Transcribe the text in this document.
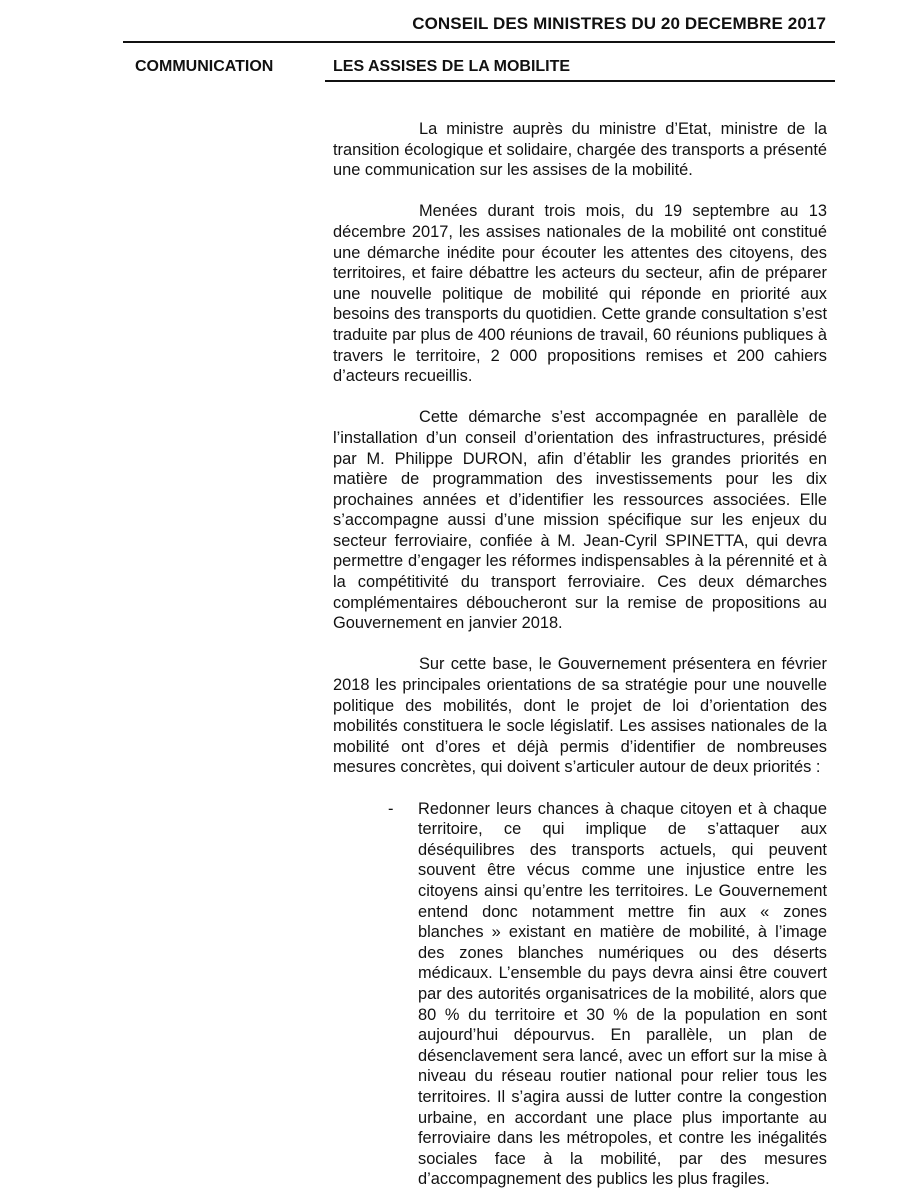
CONSEIL DES MINISTRES DU 20 DECEMBRE 2017
COMMUNICATION	LES ASSISES DE LA MOBILITE

La ministre auprès du ministre d’Etat, ministre de la transition écologique et solidaire, chargée des transports a présenté une communication sur les assises de la mobilité.

Menées durant trois mois, du 19 septembre au 13 décembre 2017, les assises nationales de la mobilité ont constitué une démarche inédite pour écouter les attentes des citoyens, des territoires, et faire débattre les acteurs du secteur, afin de préparer une nouvelle politique de mobilité qui réponde en priorité aux besoins des transports du quotidien. Cette grande consultation s’est traduite par plus de 400 réunions de travail, 60 réunions publiques à travers le territoire, 2 000 propositions remises et 200 cahiers d’acteurs recueillis.

Cette démarche s’est accompagnée en parallèle de l’installation d’un conseil d’orientation des infrastructures, présidé par M. Philippe DURON, afin d’établir les grandes priorités en matière de programmation des investissements pour les dix prochaines années et d’identifier les ressources associées. Elle s’accompagne aussi d’une mission spécifique sur les enjeux du secteur ferroviaire, confiée à M. Jean-Cyril SPINETTA, qui devra permettre d’engager les réformes indispensables à la pérennité et à la compétitivité du transport ferroviaire. Ces deux démarches complémentaires déboucheront sur la remise de propositions au Gouvernement en janvier 2018.

Sur cette base, le Gouvernement présentera en février 2018 les principales orientations de sa stratégie pour une nouvelle politique des mobilités, dont le projet de loi d’orientation des mobilités constituera le socle législatif. Les assises nationales de la mobilité ont d’ores et déjà permis d’identifier de nombreuses mesures concrètes, qui doivent s’articuler autour de deux priorités :

- Redonner leurs chances à chaque citoyen et à chaque territoire, ce qui implique de s’attaquer aux déséquilibres des transports actuels, qui peuvent souvent être vécus comme une injustice entre les citoyens ainsi qu’entre les territoires. Le Gouvernement entend donc notamment mettre fin aux « zones blanches » existant en matière de mobilité, à l’image des zones blanches numériques ou des déserts médicaux. L’ensemble du pays devra ainsi être couvert par des autorités organisatrices de la mobilité, alors que 80 % du territoire et 30 % de la population en sont aujourd’hui dépourvus. En parallèle, un plan de désenclavement sera lancé, avec un effort sur la mise à niveau du réseau routier national pour relier tous les territoires. Il s’agira aussi de lutter contre la congestion urbaine, en accordant une place plus importante au ferroviaire dans les métropoles, et contre les inégalités sociales face à la mobilité, par des mesures d’accompagnement des publics les plus fragiles.
